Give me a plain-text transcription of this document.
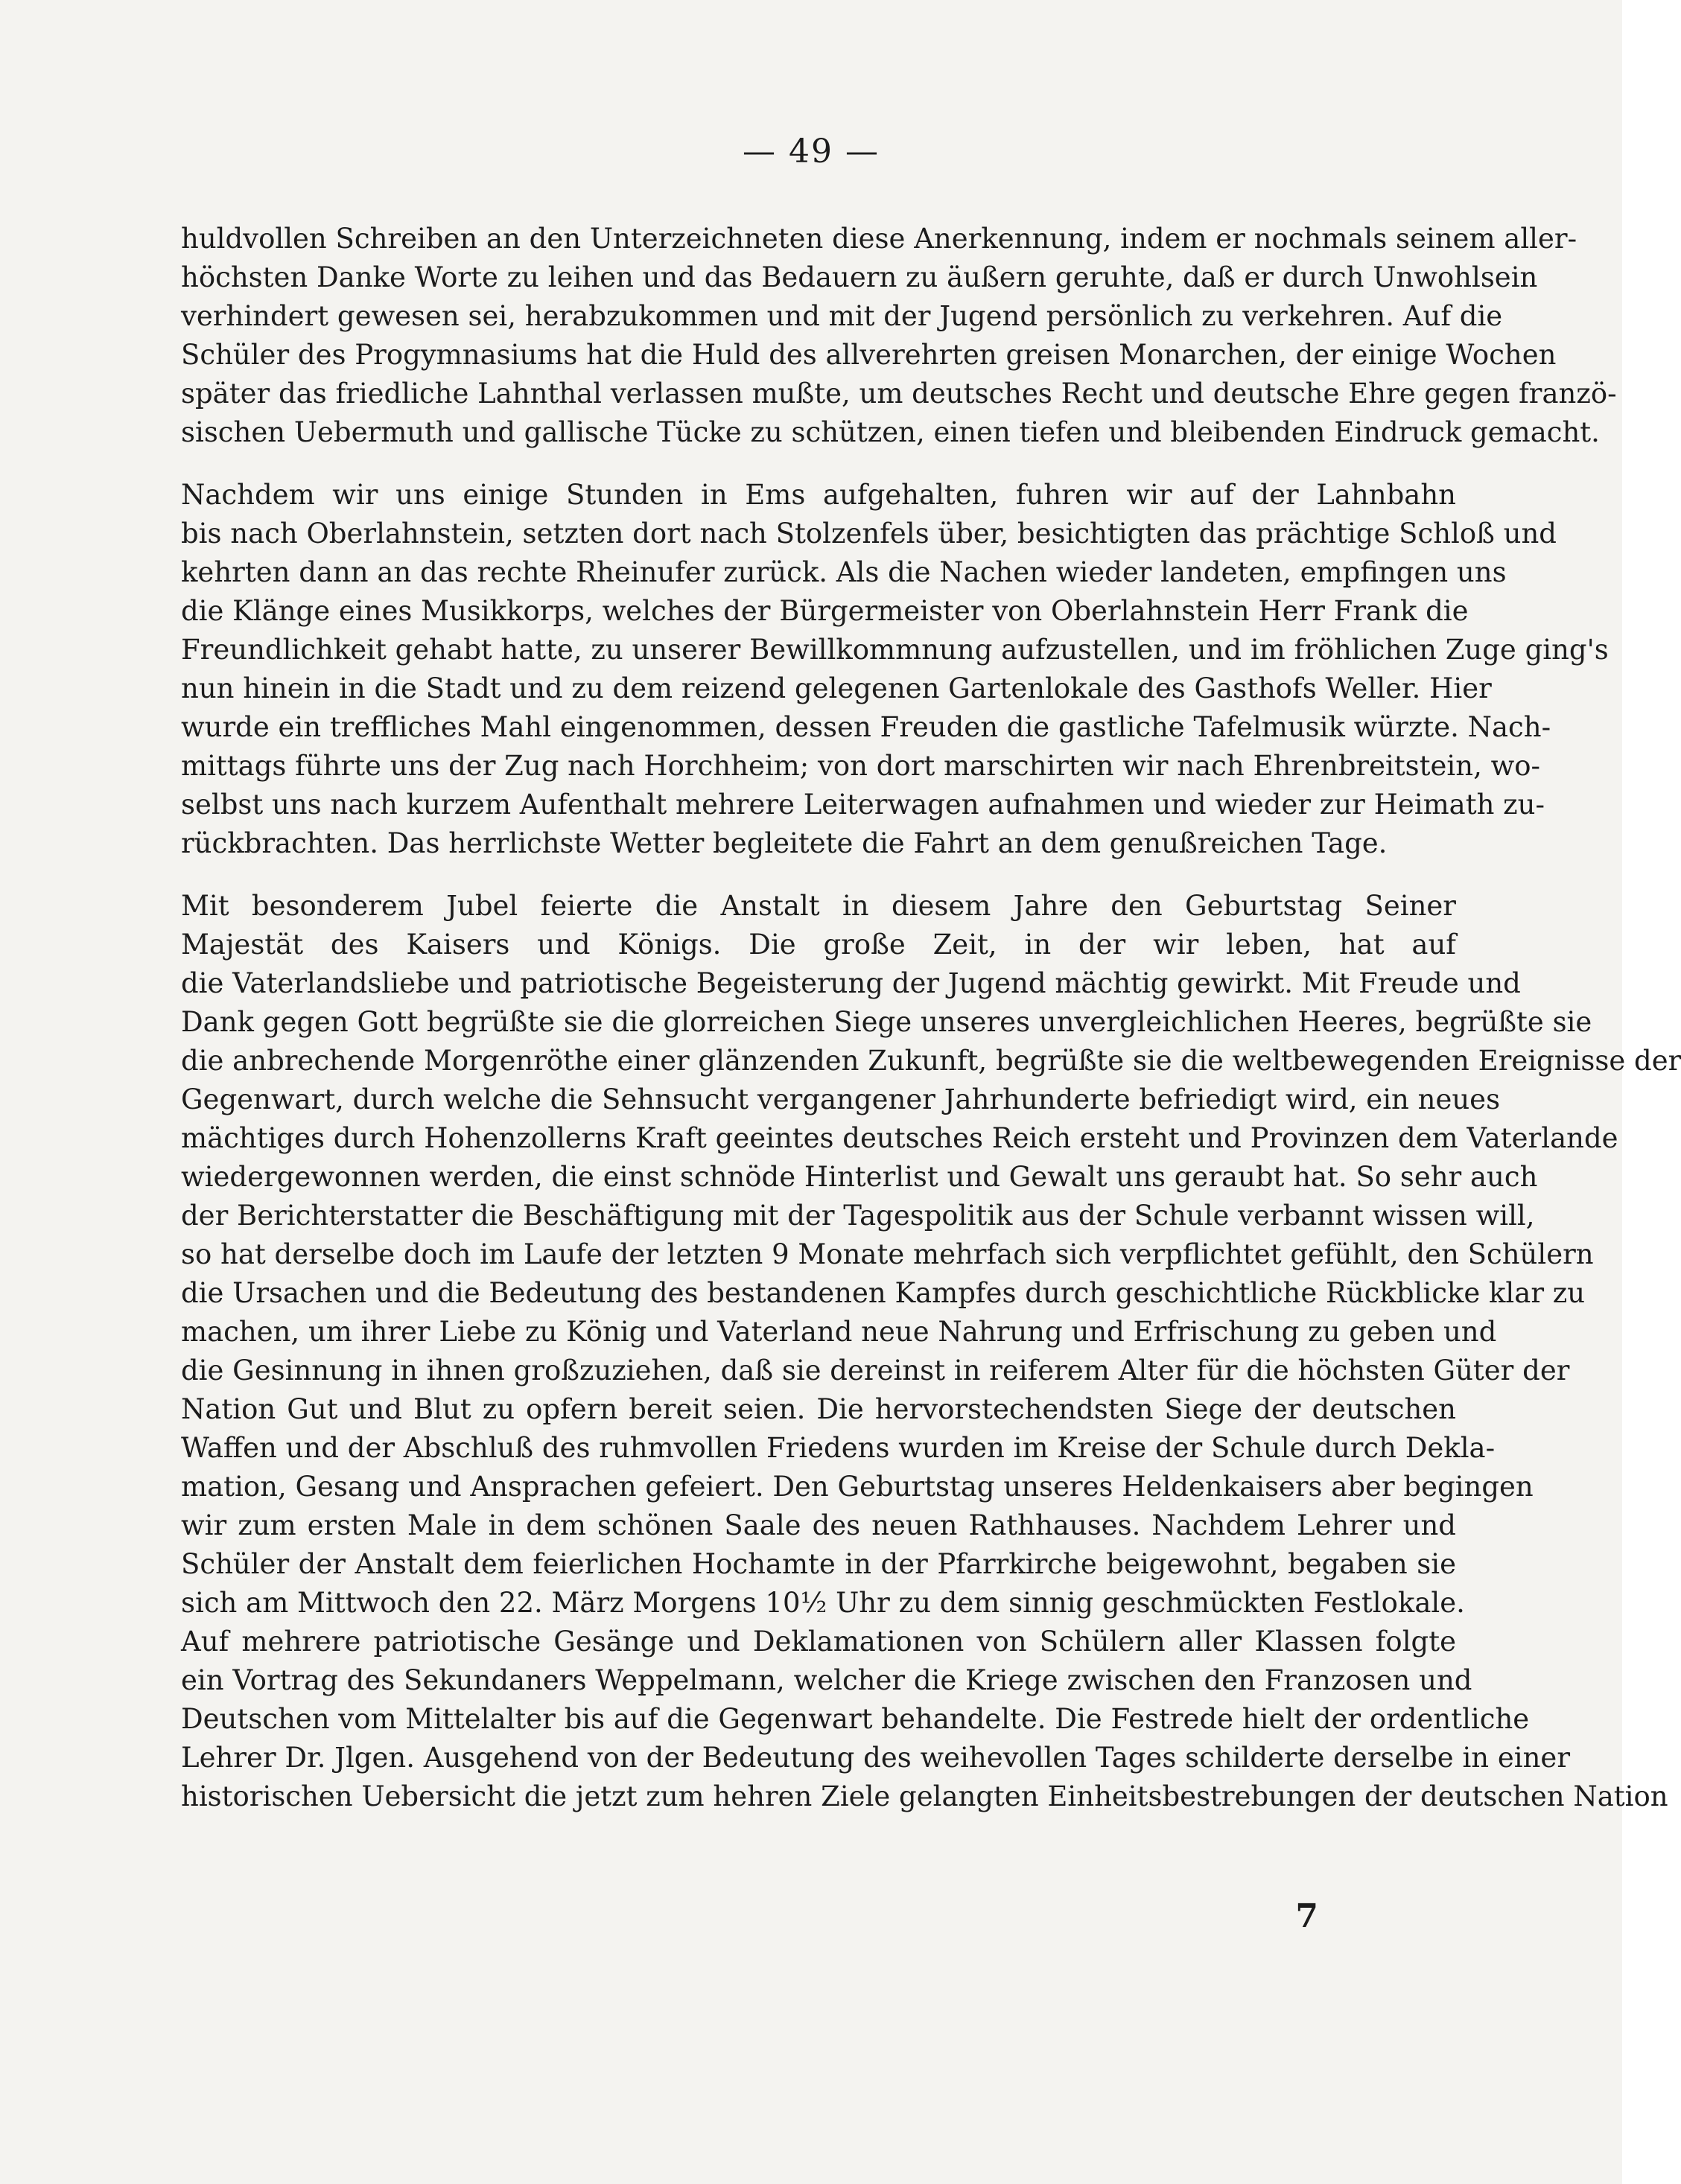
— 49 —

huldvollen Schreiben an den Unterzeichneten diese Anerkennung, indem er nochmals seinem aller-

höchsten Danke Worte zu leihen und das Bedauern zu äußern geruhte, daß er durch Unwohlsein

verhindert gewesen sei, herabzukommen und mit der Jugend persönlich zu verkehren. Auf die

Schüler des Progymnasiums hat die Huld des allverehrten greisen Monarchen, der einige Wochen

später das friedliche Lahnthal verlassen mußte, um deutsches Recht und deutsche Ehre gegen franzö-

sischen Uebermuth und gallische Tücke zu schützen, einen tiefen und bleibenden Eindruck gemacht.

Nachdem wir uns einige Stunden in Ems aufgehalten, fuhren wir auf der Lahnbahn

bis nach Oberlahnstein, setzten dort nach Stolzenfels über, besichtigten das prächtige Schloß und

kehrten dann an das rechte Rheinufer zurück. Als die Nachen wieder landeten, empfingen uns

die Klänge eines Musikkorps, welches der Bürgermeister von Oberlahnstein Herr Frank die

Freundlichkeit gehabt hatte, zu unserer Bewillkommnung aufzustellen, und im fröhlichen Zuge ging's

nun hinein in die Stadt und zu dem reizend gelegenen Gartenlokale des Gasthofs Weller. Hier

wurde ein treffliches Mahl eingenommen, dessen Freuden die gastliche Tafelmusik würzte. Nach-

mittags führte uns der Zug nach Horchheim; von dort marschirten wir nach Ehrenbreitstein, wo-

selbst uns nach kurzem Aufenthalt mehrere Leiterwagen aufnahmen und wieder zur Heimath zu-

rückbrachten. Das herrlichste Wetter begleitete die Fahrt an dem genußreichen Tage.

Mit besonderem Jubel feierte die Anstalt in diesem Jahre den Geburtstag Seiner

Majestät des Kaisers und Königs. Die große Zeit, in der wir leben, hat auf

die Vaterlandsliebe und patriotische Begeisterung der Jugend mächtig gewirkt. Mit Freude und

Dank gegen Gott begrüßte sie die glorreichen Siege unseres unvergleichlichen Heeres, begrüßte sie

die anbrechende Morgenröthe einer glänzenden Zukunft, begrüßte sie die weltbewegenden Ereignisse der

Gegenwart, durch welche die Sehnsucht vergangener Jahrhunderte befriedigt wird, ein neues

mächtiges durch Hohenzollerns Kraft geeintes deutsches Reich ersteht und Provinzen dem Vaterlande

wiedergewonnen werden, die einst schnöde Hinterlist und Gewalt uns geraubt hat. So sehr auch

der Berichterstatter die Beschäftigung mit der Tagespolitik aus der Schule verbannt wissen will,

so hat derselbe doch im Laufe der letzten 9 Monate mehrfach sich verpflichtet gefühlt, den Schülern

die Ursachen und die Bedeutung des bestandenen Kampfes durch geschichtliche Rückblicke klar zu

machen, um ihrer Liebe zu König und Vaterland neue Nahrung und Erfrischung zu geben und

die Gesinnung in ihnen großzuziehen, daß sie dereinst in reiferem Alter für die höchsten Güter der

Nation Gut und Blut zu opfern bereit seien. Die hervorstechendsten Siege der deutschen

Waffen und der Abschluß des ruhmvollen Friedens wurden im Kreise der Schule durch Dekla-

mation, Gesang und Ansprachen gefeiert. Den Geburtstag unseres Heldenkaisers aber begingen

wir zum ersten Male in dem schönen Saale des neuen Rathhauses. Nachdem Lehrer und

Schüler der Anstalt dem feierlichen Hochamte in der Pfarrkirche beigewohnt, begaben sie

sich am Mittwoch den 22. März Morgens 10½ Uhr zu dem sinnig geschmückten Festlokale.

Auf mehrere patriotische Gesänge und Deklamationen von Schülern aller Klassen folgte

ein Vortrag des Sekundaners Weppelmann, welcher die Kriege zwischen den Franzosen und

Deutschen vom Mittelalter bis auf die Gegenwart behandelte. Die Festrede hielt der ordentliche

Lehrer Dr. Jlgen. Ausgehend von der Bedeutung des weihevollen Tages schilderte derselbe in einer

historischen Uebersicht die jetzt zum hehren Ziele gelangten Einheitsbestrebungen der deutschen Nation

7
